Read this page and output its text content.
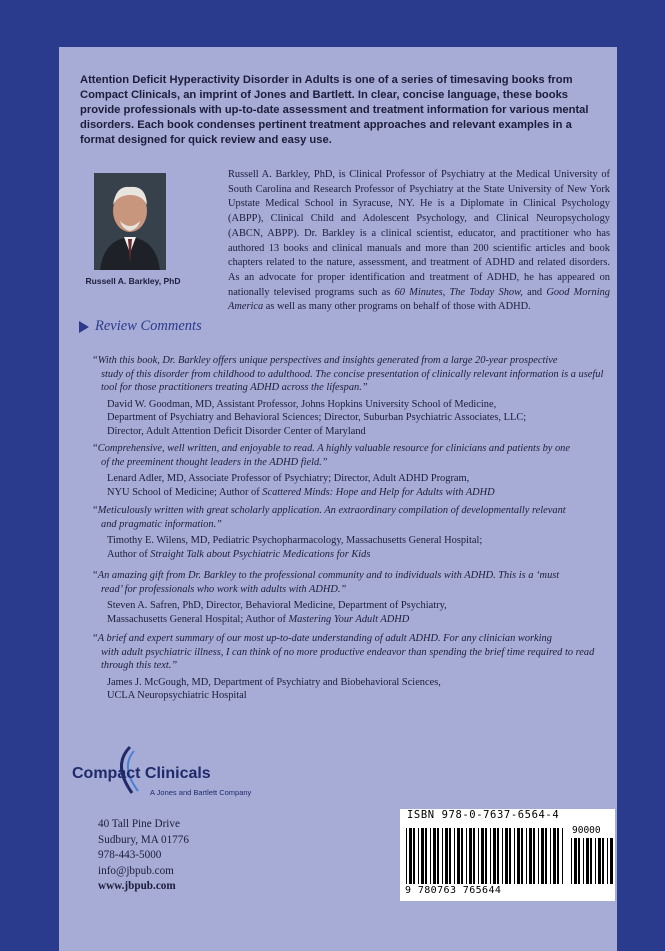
Attention Deficit Hyperactivity Disorder in Adults is one of a series of timesaving books from Compact Clinicals, an imprint of Jones and Bartlett. In clear, concise language, these books provide professionals with up-to-date assessment and treatment information for various mental disorders. Each book condenses pertinent treatment approaches and relevant examples in a format designed for quick review and easy use.

Russell A. Barkley, PhD

Russell A. Barkley, PhD, is Clinical Professor of Psychiatry at the Medical University of South Carolina and Research Professor of Psychiatry at the State University of New York Upstate Medical School in Syracuse, NY. He is a Diplomate in Clinical Psychology (ABPP), Clinical Child and Adolescent Psychology, and Clinical Neuropsychology (ABCN, ABPP). Dr. Barkley is a clinical scientist, educator, and practitioner who has authored 13 books and clinical manuals and more than 200 scientific articles and book chapters related to the nature, assessment, and treatment of ADHD and related disorders. As an advocate for proper identification and treatment of ADHD, he has appeared on nationally televised programs such as 60 Minutes, The Today Show, and Good Morning America as well as many other programs on behalf of those with ADHD.

Review Comments

“With this book, Dr. Barkley offers unique perspectives and insights generated from a large 20-year prospective
study of this disorder from childhood to adulthood. The concise presentation of clinically relevant information is a useful tool for those practitioners treating ADHD across the lifespan.”

David W. Goodman, MD, Assistant Professor, Johns Hopkins University School of Medicine,
Department of Psychiatry and Behavioral Sciences; Director, Suburban Psychiatric Associates, LLC;
Director, Adult Attention Deficit Disorder Center of Maryland

“Comprehensive, well written, and enjoyable to read. A highly valuable resource for clinicians and patients by one
of the preeminent thought leaders in the ADHD field.”

Lenard Adler, MD, Associate Professor of Psychiatry; Director, Adult ADHD Program,
NYU School of Medicine; Author of Scattered Minds: Hope and Help for Adults with ADHD

“Meticulously written with great scholarly application. An extraordinary compilation of developmentally relevant
and pragmatic information.”

Timothy E. Wilens, MD, Pediatric Psychopharmacology, Massachusetts General Hospital;
Author of Straight Talk about Psychiatric Medications for Kids

“An amazing gift from Dr. Barkley to the professional community and to individuals with ADHD. This is a ‘must
read’ for professionals who work with adults with ADHD.”

Steven A. Safren, PhD, Director, Behavioral Medicine, Department of Psychiatry,
Massachusetts General Hospital; Author of Mastering Your Adult ADHD

“A brief and expert summary of our most up-to-date understanding of adult ADHD. For any clinician working
with adult psychiatric illness, I can think of no more productive endeavor than spending the brief time required to read through this text.”

James J. McGough, MD, Department of Psychiatry and Biobehavioral Sciences,
UCLA Neuropsychiatric Hospital
Compact Clinicals
A Jones and Bartlett Company
40 Tall Pine Drive
Sudbury, MA 01776
978-443-5000
info@jbpub.com
www.jbpub.com
ISBN 978-0-7637-6564-4
90000
9 780763 765644
